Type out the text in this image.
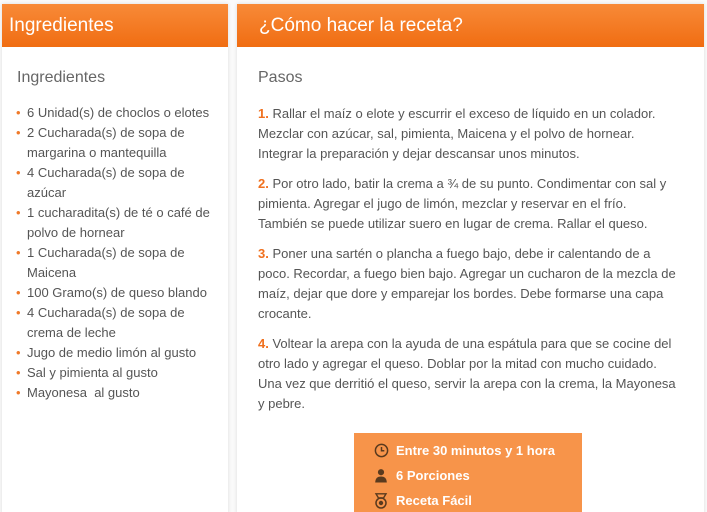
Ingredientes
Ingredientes
• 6 Unidad(s) de choclos o elotes
• 2 Cucharada(s) de sopa de margarina o mantequilla
• 4 Cucharada(s) de sopa de azúcar
• 1 cucharadita(s) de té o café de polvo de hornear
• 1 Cucharada(s) de sopa de Maicena
• 100 Gramo(s) de queso blando
• 4 Cucharada(s) de sopa de crema de leche
• Jugo de medio limón al gusto
• Sal y pimienta al gusto
• Mayonesa  al gusto
¿Cómo hacer la receta?
Pasos

1. Rallar el maíz o elote y escurrir el exceso de líquido en un colador. Mezclar con azúcar, sal, pimienta, Maicena y el polvo de hornear. Integrar la preparación y dejar descansar unos minutos.

2. Por otro lado, batir la crema a ¾ de su punto. Condimentar con sal y pimienta. Agregar el jugo de limón, mezclar y reservar en el frío. También se puede utilizar suero en lugar de crema. Rallar el queso.

3. Poner una sartén o plancha a fuego bajo, debe ir calentando de a poco. Recordar, a fuego bien bajo. Agregar un cucharon de la mezcla de maíz, dejar que dore y emparejar los bordes. Debe formarse una capa crocante.

4. Voltear la arepa con la ayuda de una espátula para que se cocine del otro lado y agregar el queso. Doblar por la mitad con mucho cuidado. Una vez que derritió el queso, servir la arepa con la crema, la Mayonesa y pebre.

Entre 30 minutos y 1 hora
6 Porciones
Receta Fácil
